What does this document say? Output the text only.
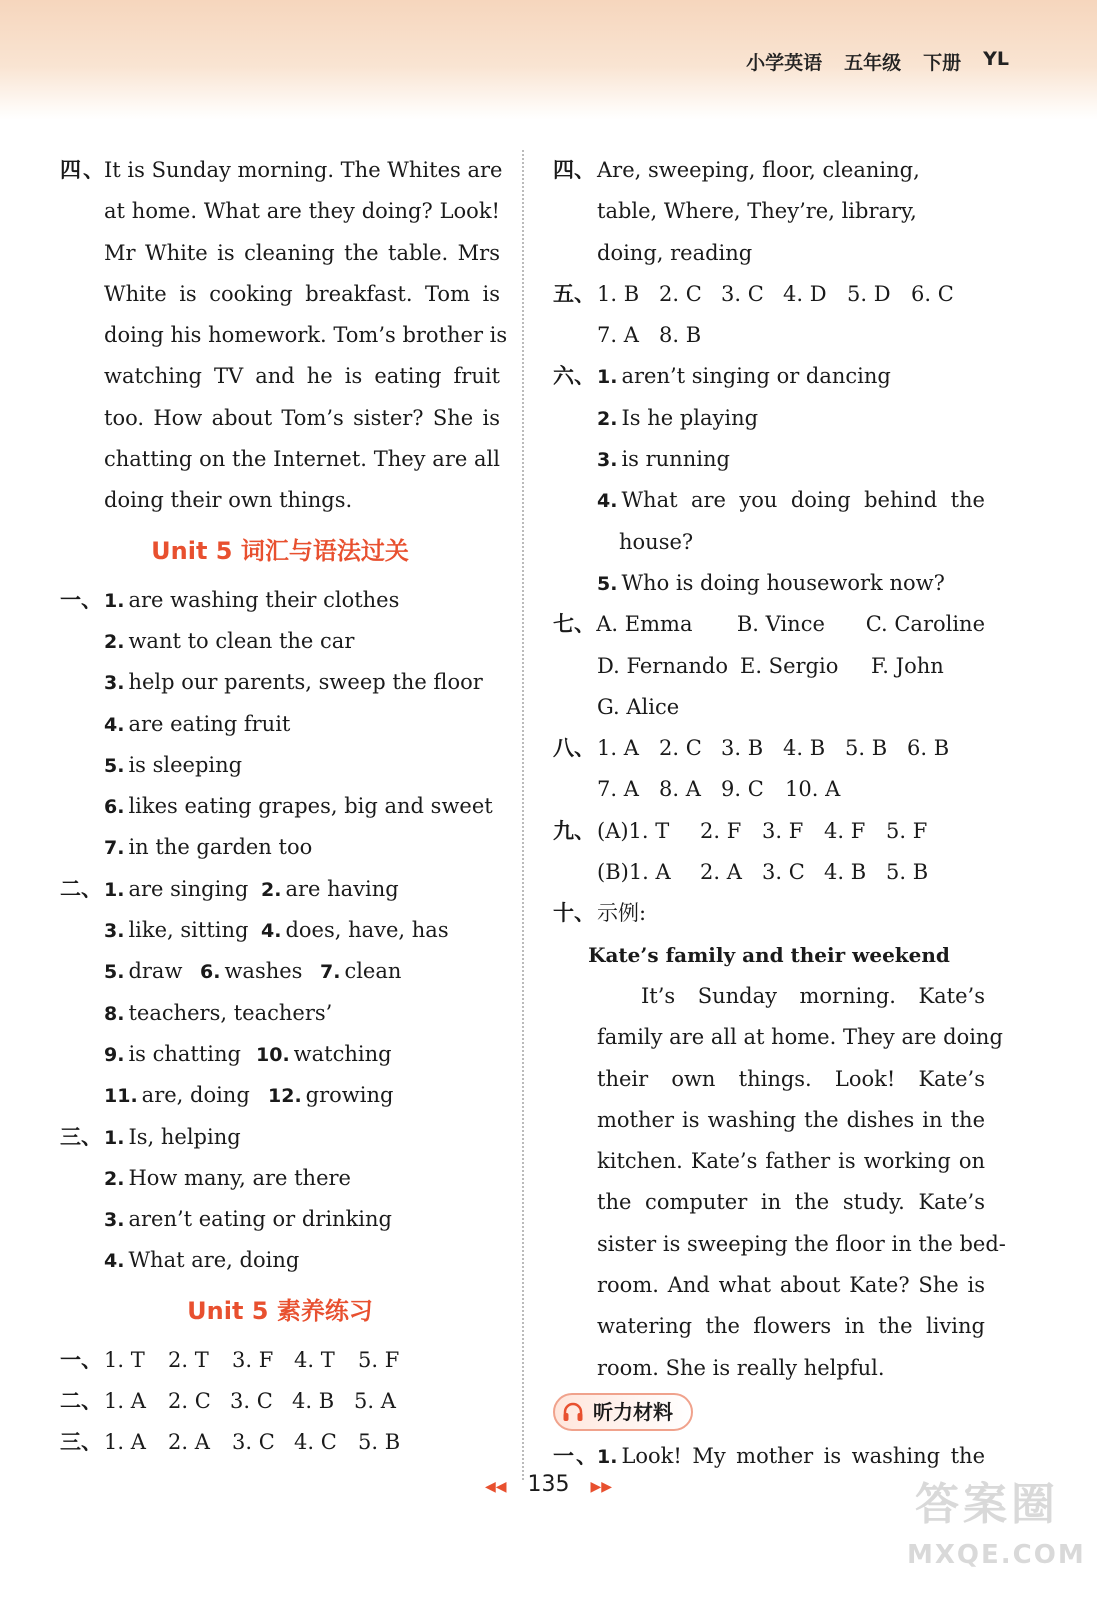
小学英语 五年级 下册 YL
四、It is Sunday morning. The Whites are
at home. What are they doing? Look!
Mr White is cleaning the table. Mrs
White is cooking breakfast. Tom is
doing his homework. Tom’s brother is
watching TV and he is eating fruit
too. How about Tom’s sister? She is
chatting on the Internet. They are all
doing their own things.
Unit 5 词汇与语法过关
一、 1. are washing their clothes
2. want to clean the car
3. help our parents, sweep the floor
4. are eating fruit
5. is sleeping
6. likes eating grapes, big and sweet
7. in the garden too
二、 1. are singing 2. are having
3. like, sitting 4. does, have, has
5. draw 6. washes 7. clean
8. teachers, teachers’
9. is chatting 10. watching
11. are, doing 12. growing
三、 1. Is, helping
2. How many, are there
3. aren’t eating or drinking
4. What are, doing
Unit 5 素养练习
一、 1. T	2. T	3. F 4. T	5. F
二、 1. A	2. C 3. C 4. B 5. A
三、 1. A	2. A	3. C 4. C	5. B
四、Are, sweeping, floor, cleaning,
table, Where, They’re, library,
doing, reading
五、 1. B 2. C 3. C 4. D 5. D 6. C
7. A 8. B
六、 1. aren’t singing or dancing
2. Is he playing
3. is running
4. What are you doing behind the
house?
5. Who is doing housework now?
七、 A. Emma	B. Vince	C. Caroline
D. Fernando E. Sergio	F. John
G. Alice
八、 1. A 2. C 3. B 4. B 5. B 6. B
7. A 8. A 9. C	10. A
九、 (A)1. T	2. F 3. F 4. F 5. F
(B)1. A	2. A 3. C 4. B 5. B
十、示例:
Kate’s family and their weekend
It’s Sunday morning. Kate’s
family are all at home. They are doing
their own things. Look! Kate’s
mother is washing the dishes in the
kitchen. Kate’s father is working on
the computer in the study. Kate’s
sister is sweeping the floor in the bed-
room. And what about Kate? She is
watering the flowers in the living
room. She is really helpful.
听力材料
一、1. Look! My mother is washing the
◀◀ 135 ▶▶	答案圈
MXQE.COM
